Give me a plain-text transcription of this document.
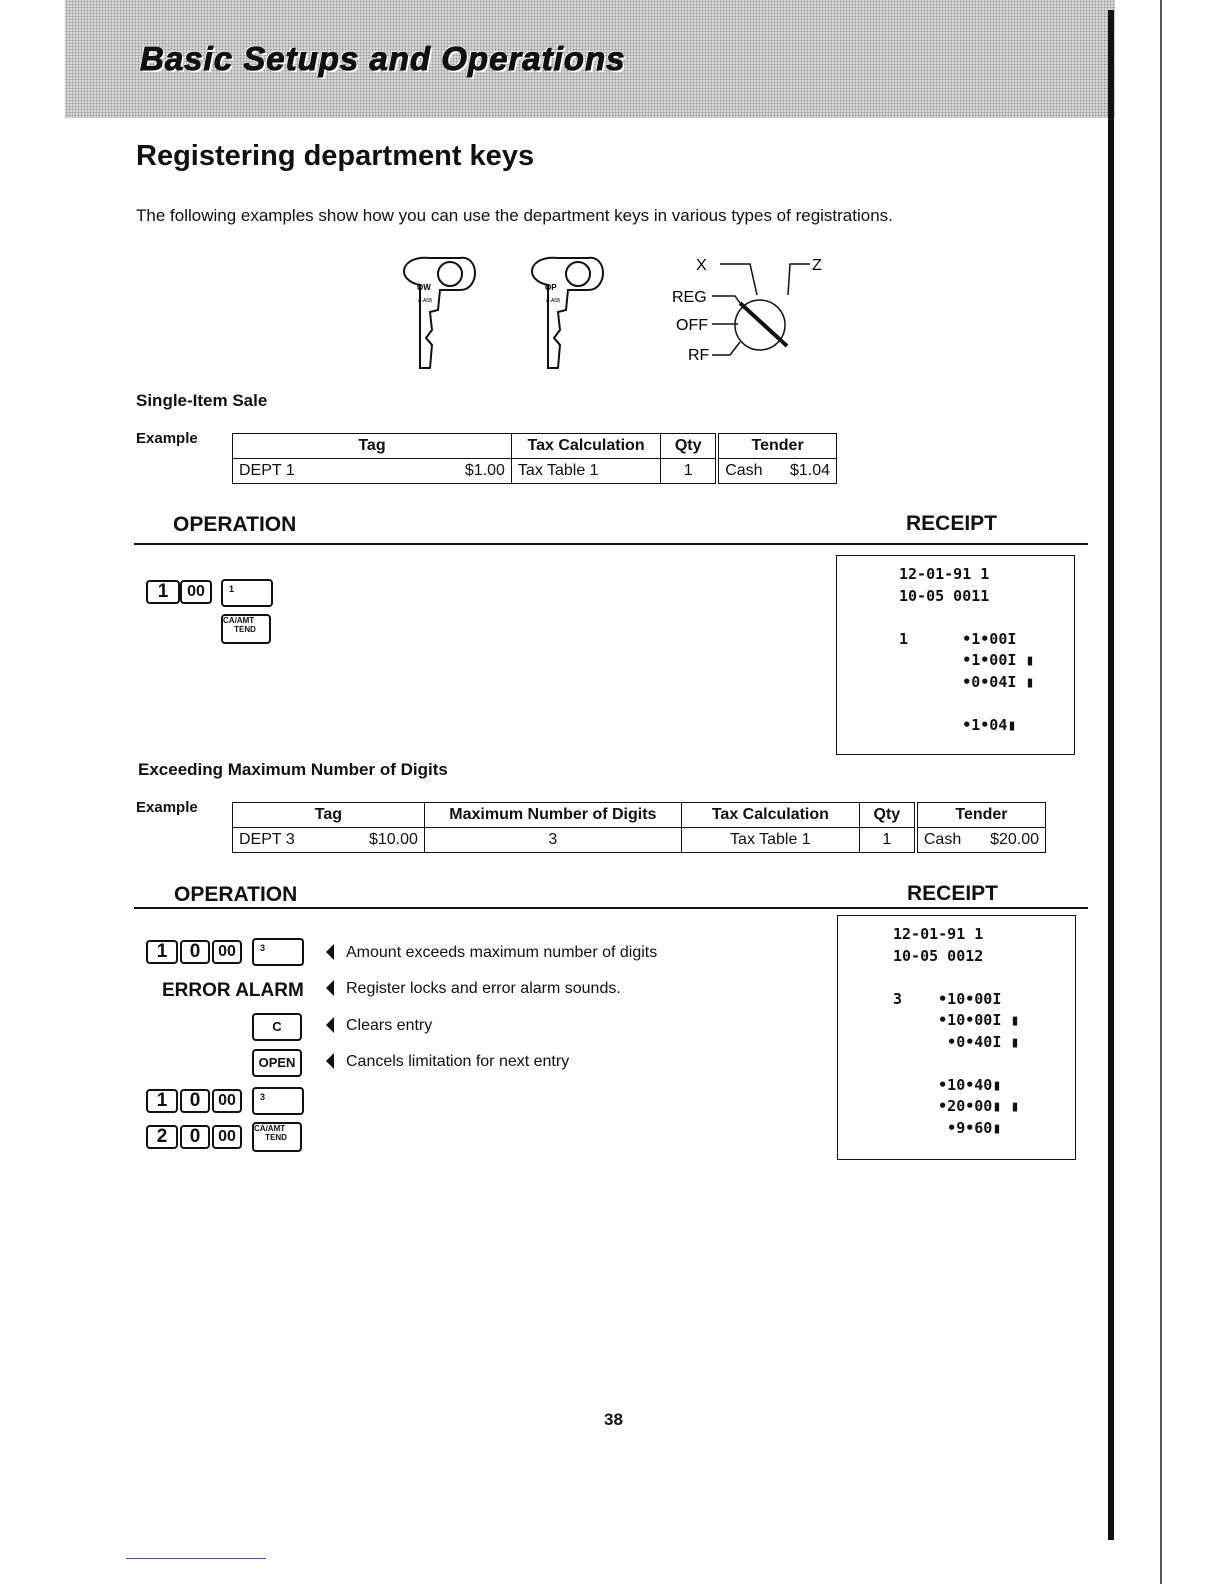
Basic Setups and Operations
Registering department keys
The following examples show how you can use the department keys in various types of registrations.
OW
A-A08
OP
A-A08
X	Z
REG
OFF
RF
Single-Item Sale
Example	Tag		Tax Calculation	Qty	Tender	
DEPT 1	$1.00	Tax Table 1	1	Cash	$1.04
OPERATION	RECEIPT
1	00	1
CA/AMT
TEND
12-01-91 1
10-05 0011

1      •1•00I
•1•00I ▮
•0•04I ▮

•1•04▮
Exceeding Maximum Number of Digits
Example	Tag		Maximum Number of Digits	Tax Calculation	Qty	Tender	
DEPT 3	$10.00	3	Tax Table 1	1	Cash	$20.00
OPERATION	RECEIPT
1	0	00	3
ERROR ALARM
C
OPEN
1	0	00	3
2	0	00	CA/AMT
TEND
Amount exceeds maximum number of digits
Register locks and error alarm sounds.
Clears entry
Cancels limitation for next entry
12-01-91 1
10-05 0012

3    •10•00I
•10•00I ▮
•0•40I ▮

•10•40▮
•20•00▮ ▮
•9•60▮
38
